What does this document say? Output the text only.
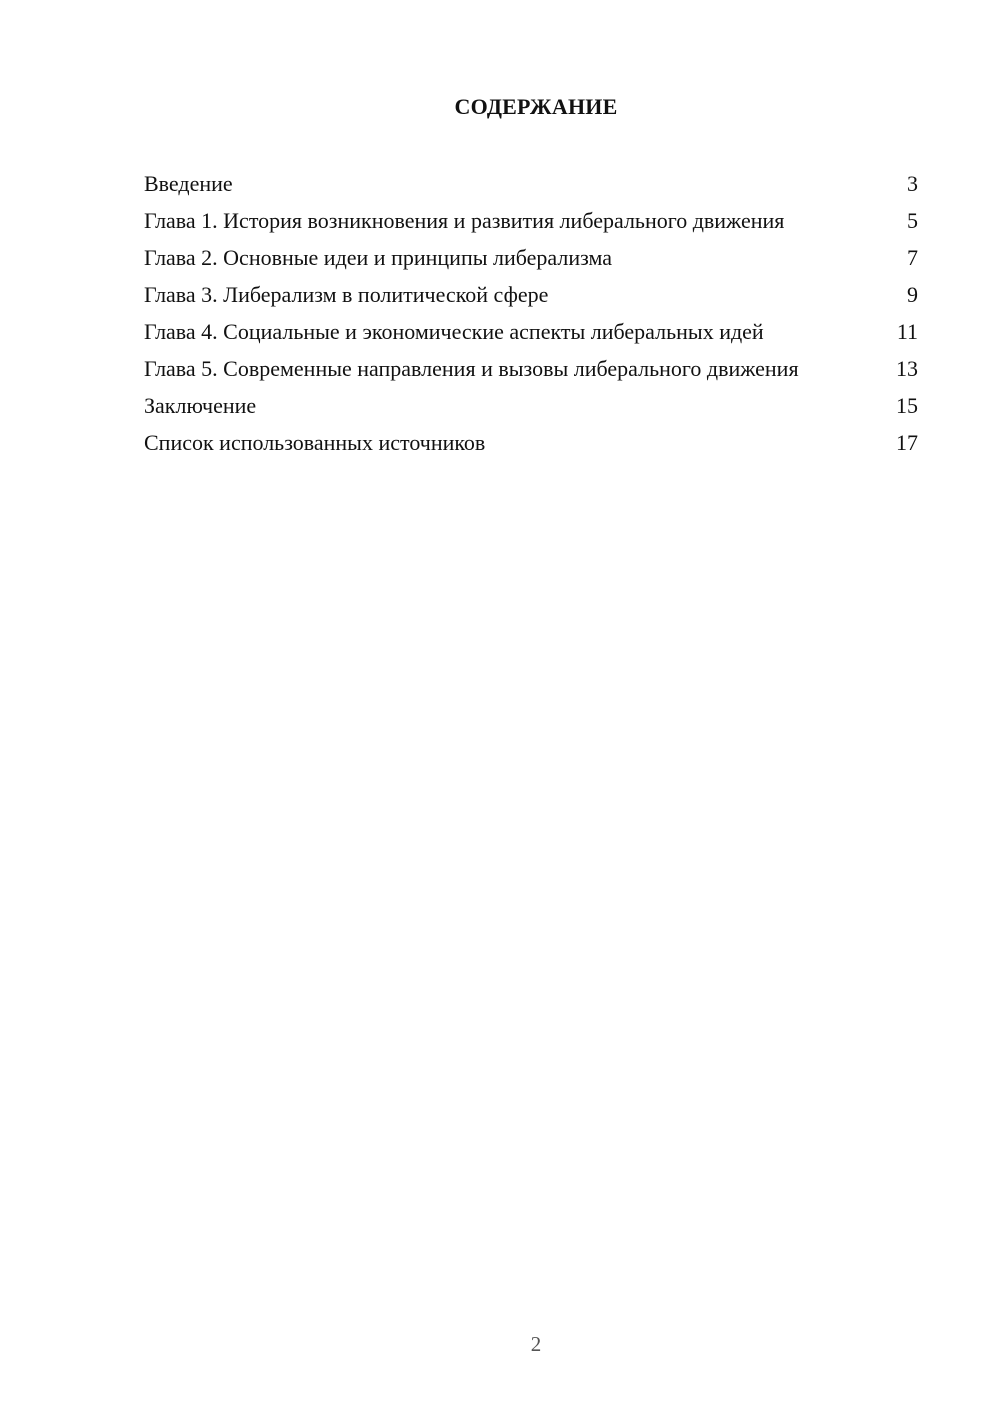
СОДЕРЖАНИЕ
Введение	3
Глава 1. История возникновения и развития либерального движения	5
Глава 2. Основные идеи и принципы либерализма	7
Глава 3. Либерализм в политической сфере	9
Глава 4. Социальные и экономические аспекты либеральных идей	11
Глава 5. Современные направления и вызовы либерального движения	13
Заключение	15
Список использованных источников	17
2
